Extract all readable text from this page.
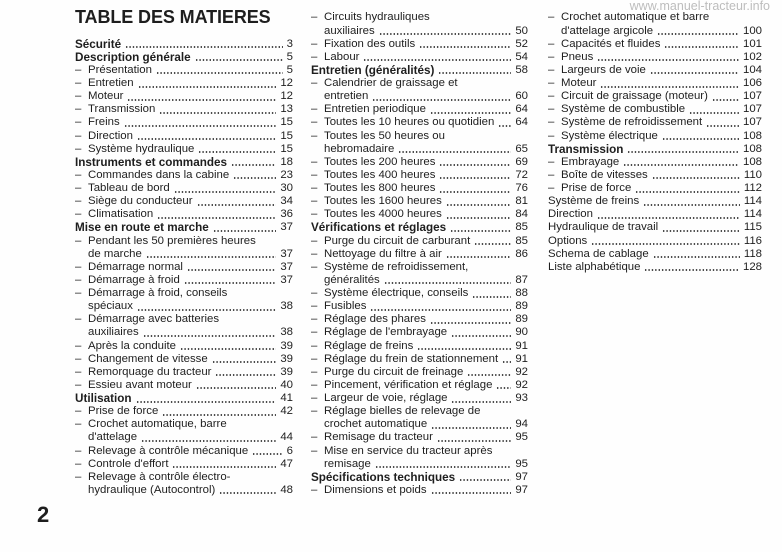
www.manuel-tracteur.info
TABLE DES MATIERES
Sécurité	3
Description générale	5
– Présentation	5
– Entretien	12
– Moteur	12
– Transmission	13
– Freins	15
– Direction	15
– Système hydraulique	15
Instruments et commandes	18
– Commandes dans la cabine	23
– Tableau de bord	30
– Siège du conducteur	34
– Climatisation	36
Mise en route et marche	37
– Pendant les 50 premières heures
de marche	37
– Démarrage normal	37
– Démarrage à froid	37
– Démarrage à froid, conseils
spéciaux	38
– Démarrage avec batteries
auxiliaires	38
– Après la conduite	39
– Changement de vitesse	39
– Remorquage du tracteur	39
– Essieu avant moteur	40
Utilisation	41
– Prise de force	42
– Crochet automatique, barre
d'attelage	44
– Relevage à contrôle mécanique	6
– Controle d'effort	47
– Relevage à contrôle électro-
hydraulique (Autocontrol)	48
– Circuits hydrauliques
auxiliaires	50
– Fixation des outils	52
– Labour	54
Entretien (généralités)	58
– Calendrier de graissage et
entretien	60
– Entretien periodique	64
– Toutes les 10 heures ou quotidien 64
– Toutes les 50 heures ou
hebromadaire	65
– Toutes les 200 heures	69
– Toutes les 400 heures	72
– Toutes les 800 heures	76
– Toutes les 1600 heures	81
– Toutes les 4000 heures	84
Vérifications et réglages	85
– Purge du circuit de carburant	85
– Nettoyage du filtre à air	86
– Système de refroidissement,
généralités	87
– Système électrique, conseils	88
– Fusibles	89
– Réglage des phares	89
– Réglage de l'embrayage	90
– Réglage de freins	91
– Réglage du frein de stationnement 91
– Purge du circuit de freinage	92
– Pincement, vérification et réglage 92
– Largeur de voie, réglage	93
– Réglage bielles de relevage de
crochet automatique	94
– Remisage du tracteur	95
– Mise en service du tracteur après
remisage	95
Spécifications techniques	97
– Dimensions et poids	97
– Crochet automatique et barre
d'attelage argicole	100
– Capacités et fluides	101
– Pneus	102
– Largeurs de voie	104
– Moteur	106
– Circuit de graissage (moteur)	107
– Système de combustible	107
– Système de refroidissement	107
– Système électrique	108
Transmission	108
– Embrayage	108
– Boîte de vitesses	110
– Prise de force	112
Système de freins	114
Direction	114
Hydraulique de travail	115
Options	116
Schema de cablage	118
Liste alphabétique	128
2
